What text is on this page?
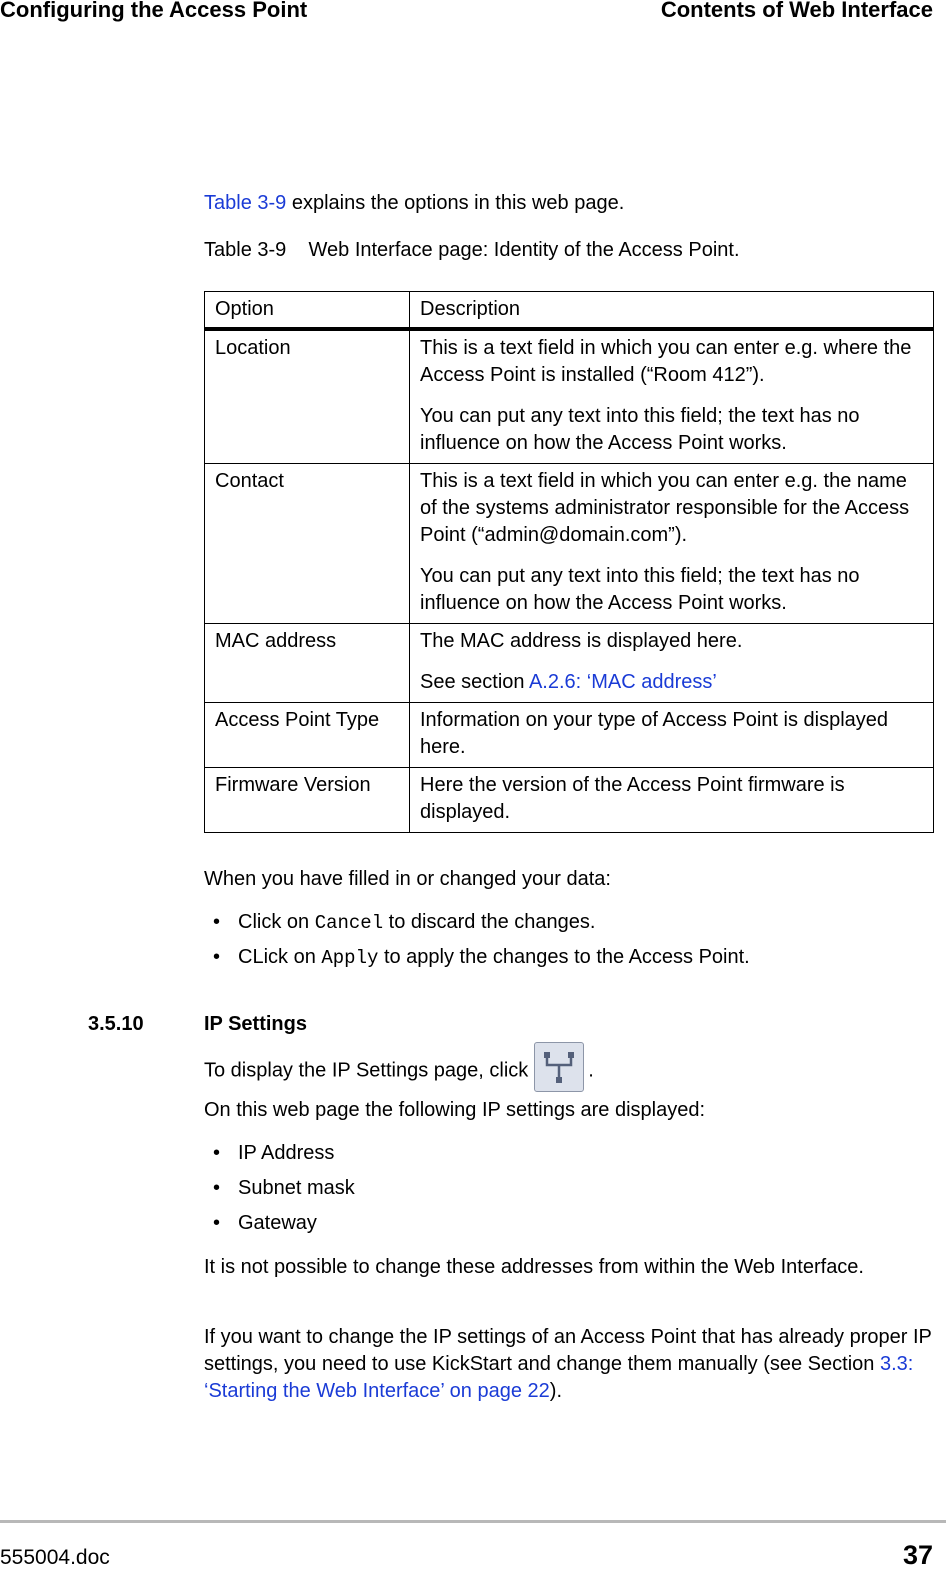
Configuring the Access Point	Contents of Web Interface
Table 3-9 explains the options in this web page.
Table 3-9    Web Interface page: Identity of the Access Point.
Option	Description
Location	This is a text field in which you can enter e.g. where the Access Point is installed (“Room 412”).

You can put any text into this field; the text has no influence on how the Access Point works.

Contact	This is a text field in which you can enter e.g. the name of the systems administrator responsible for the Access Point (“admin@domain.com”).

You can put any text into this field; the text has no influence on how the Access Point works.

MAC address	The MAC address is displayed here.

See section A.2.6: ‘MAC address’

Access Point Type	Information on your type of Access Point is displayed here.

Firmware Version	Here the version of the Access Point firmware is displayed.

When you have filled in or changed your data:
• Click on Cancel to discard the changes.
• CLick on Apply to apply the changes to the Access Point.
3.5.10	IP Settings
To display the IP Settings page, click	.
On this web page the following IP settings are displayed:
• IP Address
• Subnet mask
• Gateway
It is not possible to change these addresses from within the Web Interface.
If you want to change the IP settings of an Access Point that has already proper IP settings, you need to use KickStart and change them manually (see Section 3.3: ‘Starting the Web Interface’ on page 22).
555004.doc	37
